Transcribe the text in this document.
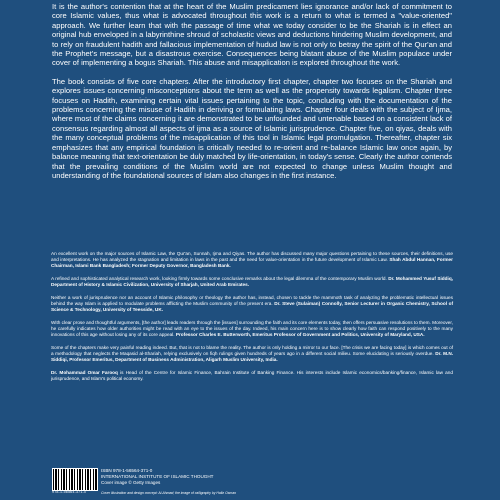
It is the author's contention that at the heart of the Muslim predicament lies ignorance and/or lack of commitment to core Islamic values, thus what is advocated throughout this work is a return to what is termed a "value-oriented" approach. We further learn that with the passage of time what we today consider to be the Shariah is in effect an original hub enveloped in a labyrinthine shroud of scholastic views and deductions hindering Muslim development, and to rely on fraudulent hadith and fallacious implementation of hudud law is not only to betray the spirit of the Qur'an and the Prophet's message, but a disastrous exercise. Consequences being blatant abuse of the Muslim populace under cover of implementing a bogus Shariah. This abuse and misapplication is explored throughout the work.

The book consists of five core chapters. After the introductory first chapter, chapter two focuses on the Shariah and explores issues concerning misconceptions about the term as well as the propensity towards legalism. Chapter three focuses on Hadith, examining certain vital issues pertaining to the topic, concluding with the documentation of the problems concerning the misuse of Hadith in deriving or formulating laws. Chapter four deals with the subject of Ijma, where most of the claims concerning it are demonstrated to be unfounded and untenable based on a consistent lack of consensus regarding almost all aspects of ijma as a source of Islamic jurisprudence. Chapter five, on qiyas, deals with the many conceptual problems of the misapplication of this tool in Islamic legal promulgation. Thereafter, chapter six emphasizes that any empirical foundation is critically needed to re-orient and re-balance Islamic law once again, by balance meaning that text-orientation be duly matched by life-orientation, in today's sense. Clearly the author contends that the prevailing conditions of the Muslim world are not expected to change unless Muslim thought and understanding of the foundational sources of Islam also changes in the first instance.

An excellent work on the major sources of Islamic Law, the Qur'an, Sunnah, Ijma and Qiyas. The author has discussed many major questions pertaining to these sources, their definitions, use and interpretations. He has analyzed the stagnation and limitation in laws in the past and the need for value-orientation in the future development of Islamic Law. Shah Abdul Hannan, Former Chairman, Islami Bank Bangladesh; Former Deputy Governor, Bangladesh Bank.

A refined and sophisticated analytical research work, looking firmly towards some conclusive remarks about the legal dilemma of the contemporary Muslim world. Dr. Mohammed Yusuf Siddiq, Department of History & Islamic Civilization, University of Sharjah, United Arab Emirates.

Neither a work of jurisprudence nor an account of Islamic philosophy or theology the author has, instead, chosen to tackle the mammoth task of analyzing the problematic intellectual issues behind the way Islam is applied to modulate problems afflicting the Muslim community of the present era. Dr. Steve (Sulaiman) Connolly, Senior Lecturer in Organic Chemistry, School of Science & Technology, University of Teesside, UK.

With clear prose and thoughtful arguments, [the author] leads readers through the [issues] surrounding the faith and its core elements today, then offers persuasive resolutions to them. Moreover, he carefully indicates how older authorities might be read with an eye to the issues of the day. Indeed, his main concern here is to show clearly how faith can respond positively to the many innovations of this age without losing any of its core appeal. Professor Charles E. Butterworth, Emeritus Professor of Government and Politics, University of Maryland, USA.

Some of the chapters make very painful reading indeed. But, that is not to blame the reality. The author is only holding a mirror to our face. [The crisis we are facing today] is which comes out of a methodology that neglects the Maqasid al-Shariah, relying exclusively on fiqh rulings given hundreds of years ago in a different social milieu. Some elucidating is seriously overdue. Dr. M.N. Siddiqi, Professor Emeritus, Department of Business Administration, Aligarh Muslim University, India.

Dr. Mohammad Omar Farooq is Head of the Centre for Islamic Finance, Bahrain Institute of Banking Finance. His interests include Islamic economics/banking/finance, Islamic law and jurisprudence, and Islam's political economy.

978-1-56564-371-0
ISBN 978-1-56564-371-0
INTERNATIONAL INSTITUTE OF ISLAMIC THOUGHT
Cover image © Getty Images
Cover illustration and design concept: Al-Ahmad; the image of calligraphy by Hafiz Osman
